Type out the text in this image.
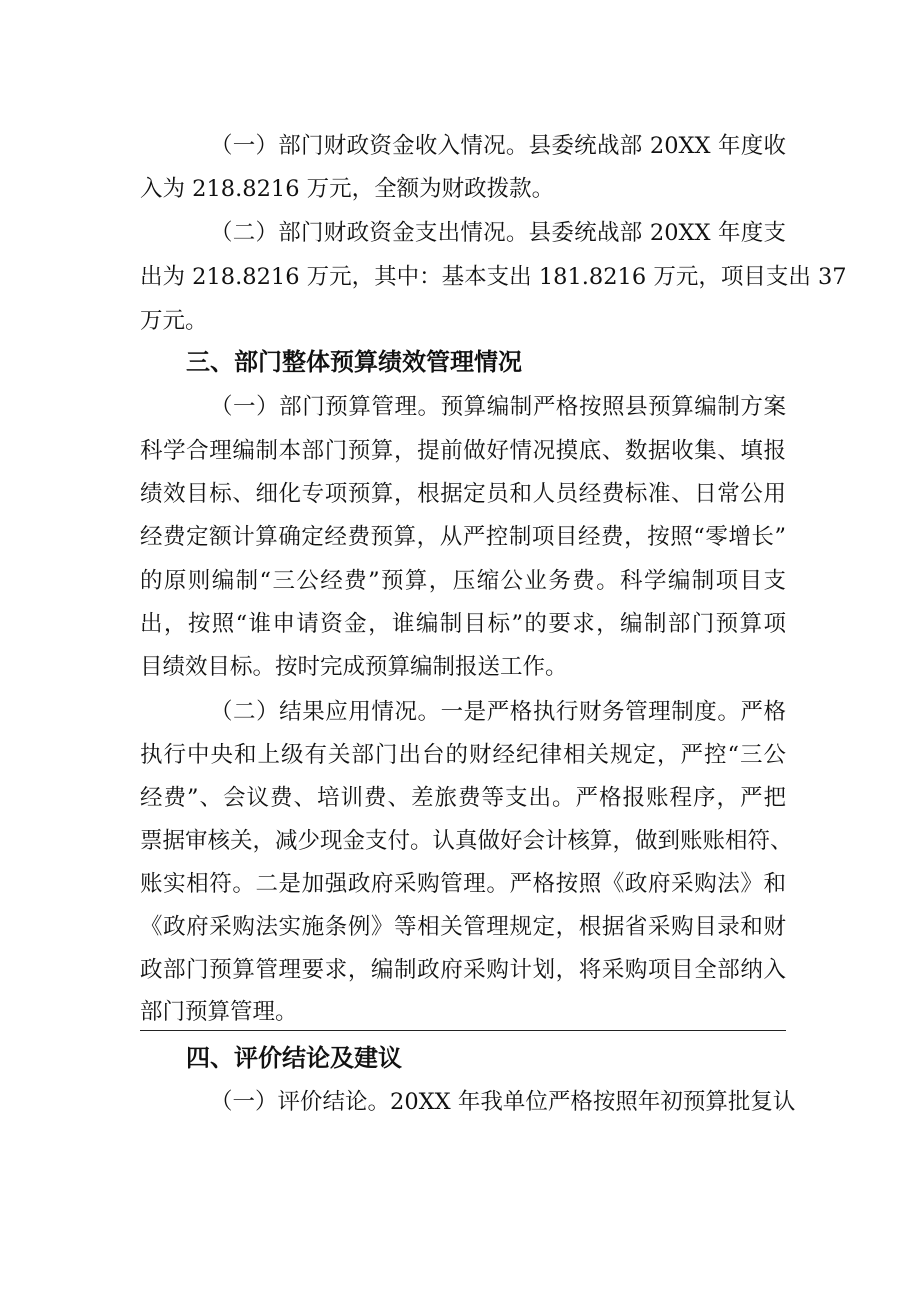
（一）部门财政资金收入情况。县委统战部 20XX 年度收
入为 218.8216 万元，全额为财政拨款。
（二）部门财政资金支出情况。县委统战部 20XX 年度支
出为 218.8216 万元，其中：基本支出 181.8216 万元，项目支出 37
万元。
三、部门整体预算绩效管理情况
（一）部门预算管理。预算编制严格按照县预算编制方案
科学合理编制本部门预算，提前做好情况摸底、数据收集、填报
绩效目标、细化专项预算，根据定员和人员经费标准、日常公用
经费定额计算确定经费预算，从严控制项目经费，按照“零增长”
的原则编制“三公经费”预算，压缩公业务费。科学编制项目支
出，按照“谁申请资金，谁编制目标”的要求，编制部门预算项
目绩效目标。按时完成预算编制报送工作。
（二）结果应用情况。一是严格执行财务管理制度。严格
执行中央和上级有关部门出台的财经纪律相关规定，严控“三公
经费”、会议费、培训费、差旅费等支出。严格报账程序，严把
票据审核关，减少现金支付。认真做好会计核算，做到账账相符、
账实相符。二是加强政府采购管理。严格按照《政府采购法》和
《政府采购法实施条例》等相关管理规定，根据省采购目录和财
政部门预算管理要求，编制政府采购计划，将采购项目全部纳入
部门预算管理。
四、评价结论及建议
（一）评价结论。20XX 年我单位严格按照年初预算批复认
